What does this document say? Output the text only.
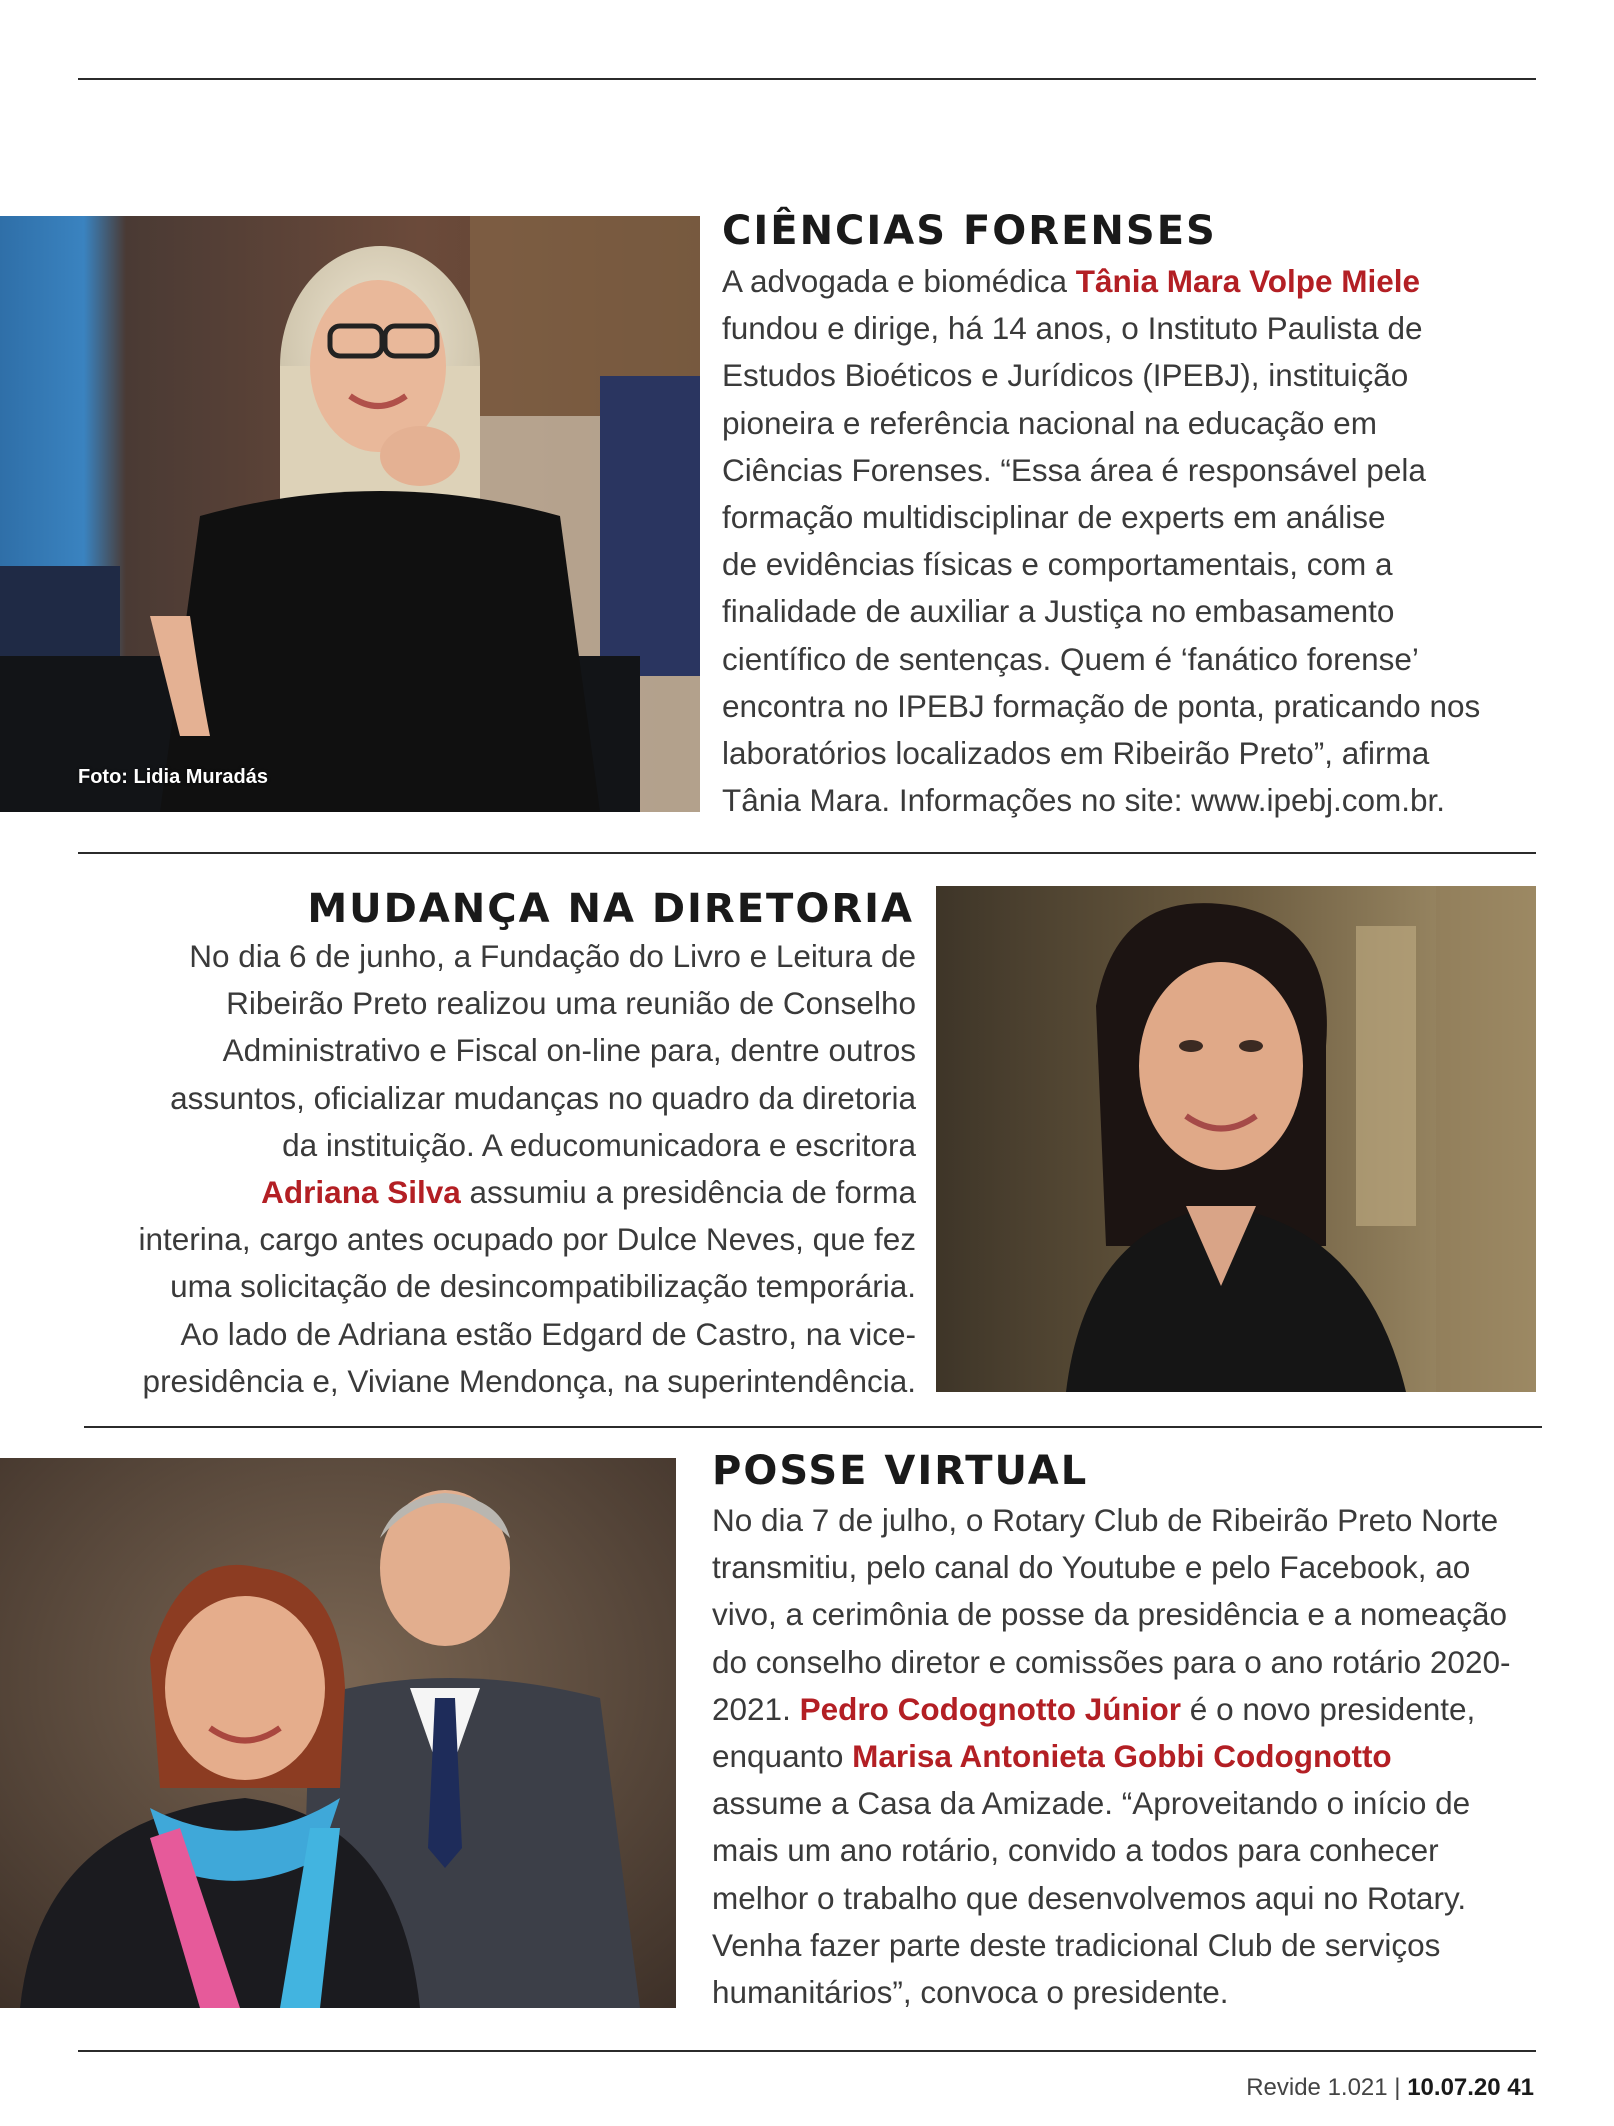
Foto: Lidia Muradás
CIÊNCIAS FORENSES
A advogada e biomédica Tânia Mara Volpe Miele
fundou e dirige, há 14 anos, o Instituto Paulista de
Estudos Bioéticos e Jurídicos (IPEBJ), instituição
pioneira e referência nacional na educação em
Ciências Forenses. “Essa área é responsável pela
formação multidisciplinar de experts em análise
de evidências físicas e comportamentais, com a
finalidade de auxiliar a Justiça no embasamento
científico de sentenças. Quem é ‘fanático forense’
encontra no IPEBJ formação de ponta, praticando nos
laboratórios localizados em Ribeirão Preto”, afirma
Tânia Mara. Informações no site: www.ipebj.com.br.
MUDANÇA NA DIRETORIA
No dia 6 de junho, a Fundação do Livro e Leitura de
Ribeirão Preto realizou uma reunião de Conselho
Administrativo e Fiscal on-line para, dentre outros
assuntos, oficializar mudanças no quadro da diretoria
da instituição. A educomunicadora e escritora
Adriana Silva assumiu a presidência de forma
interina, cargo antes ocupado por Dulce Neves, que fez
uma solicitação de desincompatibilização temporária.
Ao lado de Adriana estão Edgard de Castro, na vice-
presidência e, Viviane Mendonça, na superintendência.
POSSE VIRTUAL
No dia 7 de julho, o Rotary Club de Ribeirão Preto Norte
transmitiu, pelo canal do Youtube e pelo Facebook, ao
vivo, a cerimônia de posse da presidência e a nomeação
do conselho diretor e comissões para o ano rotário 2020-
2021. Pedro Codognotto Júnior é o novo presidente,
enquanto Marisa Antonieta Gobbi Codognotto
assume a Casa da Amizade. “Aproveitando o início de
mais um ano rotário, convido a todos para conhecer
melhor o trabalho que desenvolvemos aqui no Rotary.
Venha fazer parte deste tradicional Club de serviços
humanitários”, convoca o presidente.
Revide 1.021 | 10.07.20 41
